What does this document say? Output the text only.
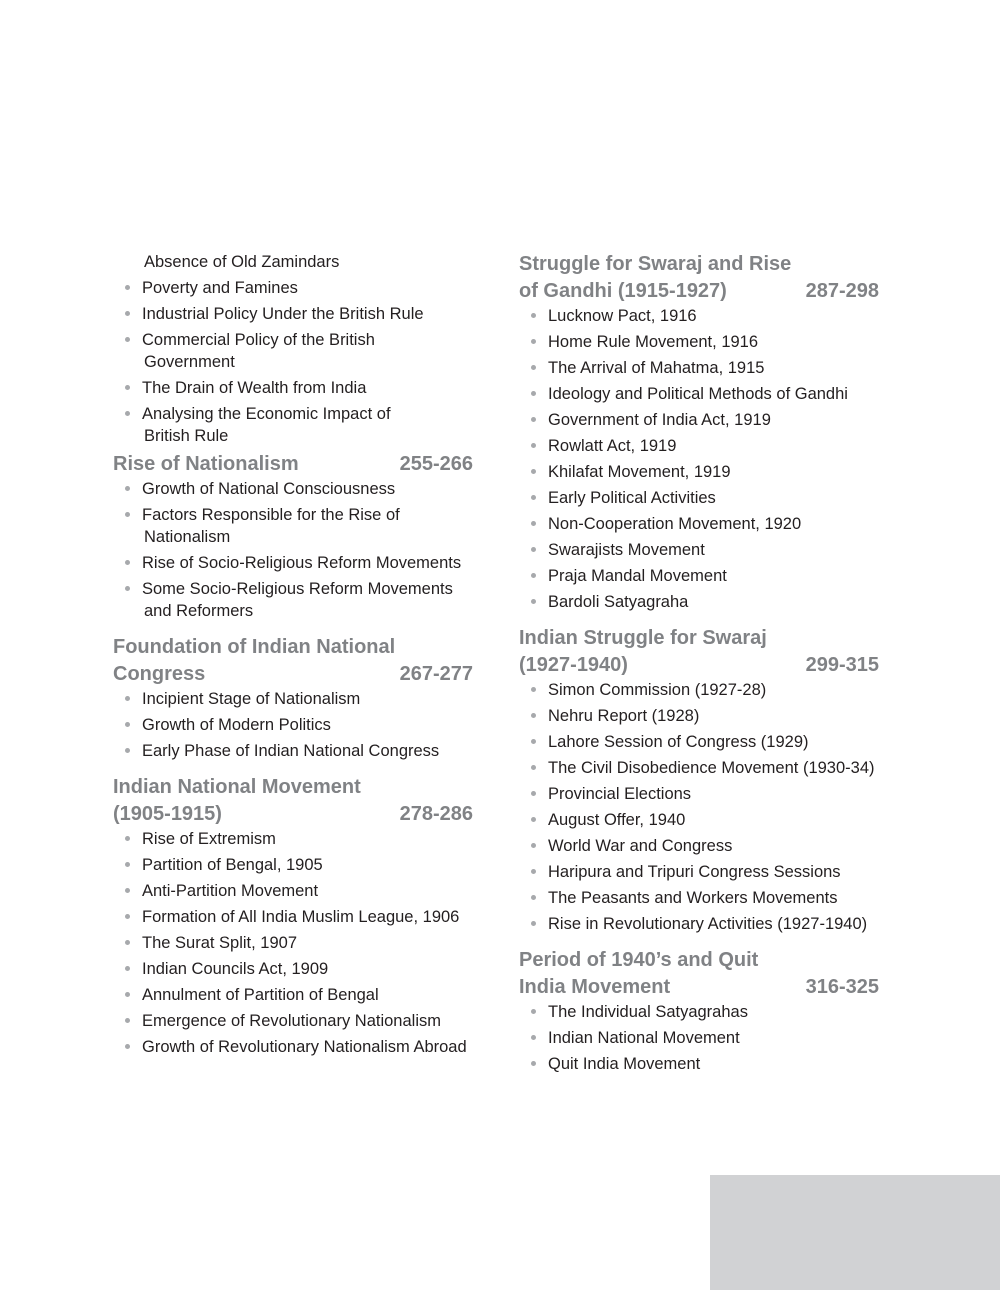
Absence of Old Zamindars
Poverty and Famines
Industrial Policy Under the British Rule
Commercial Policy of the British
Government
The Drain of Wealth from India
Analysing the Economic Impact of
British Rule
Rise of Nationalism	255-266
Growth of National Consciousness
Factors Responsible for the Rise of
Nationalism
Rise of Socio-Religious Reform Movements
Some Socio-Religious Reform Movements
and Reformers
Foundation of Indian National
Congress	267-277
Incipient Stage of Nationalism
Growth of Modern Politics
Early Phase of Indian National Congress
Indian National Movement
(1905-1915)	278-286
Rise of Extremism
Partition of Bengal, 1905
Anti-Partition Movement
Formation of All India Muslim League, 1906
The Surat Split, 1907
Indian Councils Act, 1909
Annulment of Partition of Bengal
Emergence of Revolutionary Nationalism
Growth of Revolutionary Nationalism Abroad
Struggle for Swaraj and Rise
of Gandhi (1915-1927)	287-298
Lucknow Pact, 1916
Home Rule Movement, 1916
The Arrival of Mahatma, 1915
Ideology and Political Methods of Gandhi
Government of India Act, 1919
Rowlatt Act, 1919
Khilafat Movement, 1919
Early Political Activities
Non-Cooperation Movement, 1920
Swarajists Movement
Praja Mandal Movement
Bardoli Satyagraha
Indian Struggle for Swaraj
(1927-1940)	299-315
Simon Commission (1927-28)
Nehru Report (1928)
Lahore Session of Congress (1929)
The Civil Disobedience Movement (1930-34)
Provincial Elections
August Offer, 1940
World War and Congress
Haripura and Tripuri Congress Sessions
The Peasants and Workers Movements
Rise in Revolutionary Activities (1927-1940)
Period of 1940’s and Quit
India Movement	316-325
The Individual Satyagrahas
Indian National Movement
Quit India Movement
